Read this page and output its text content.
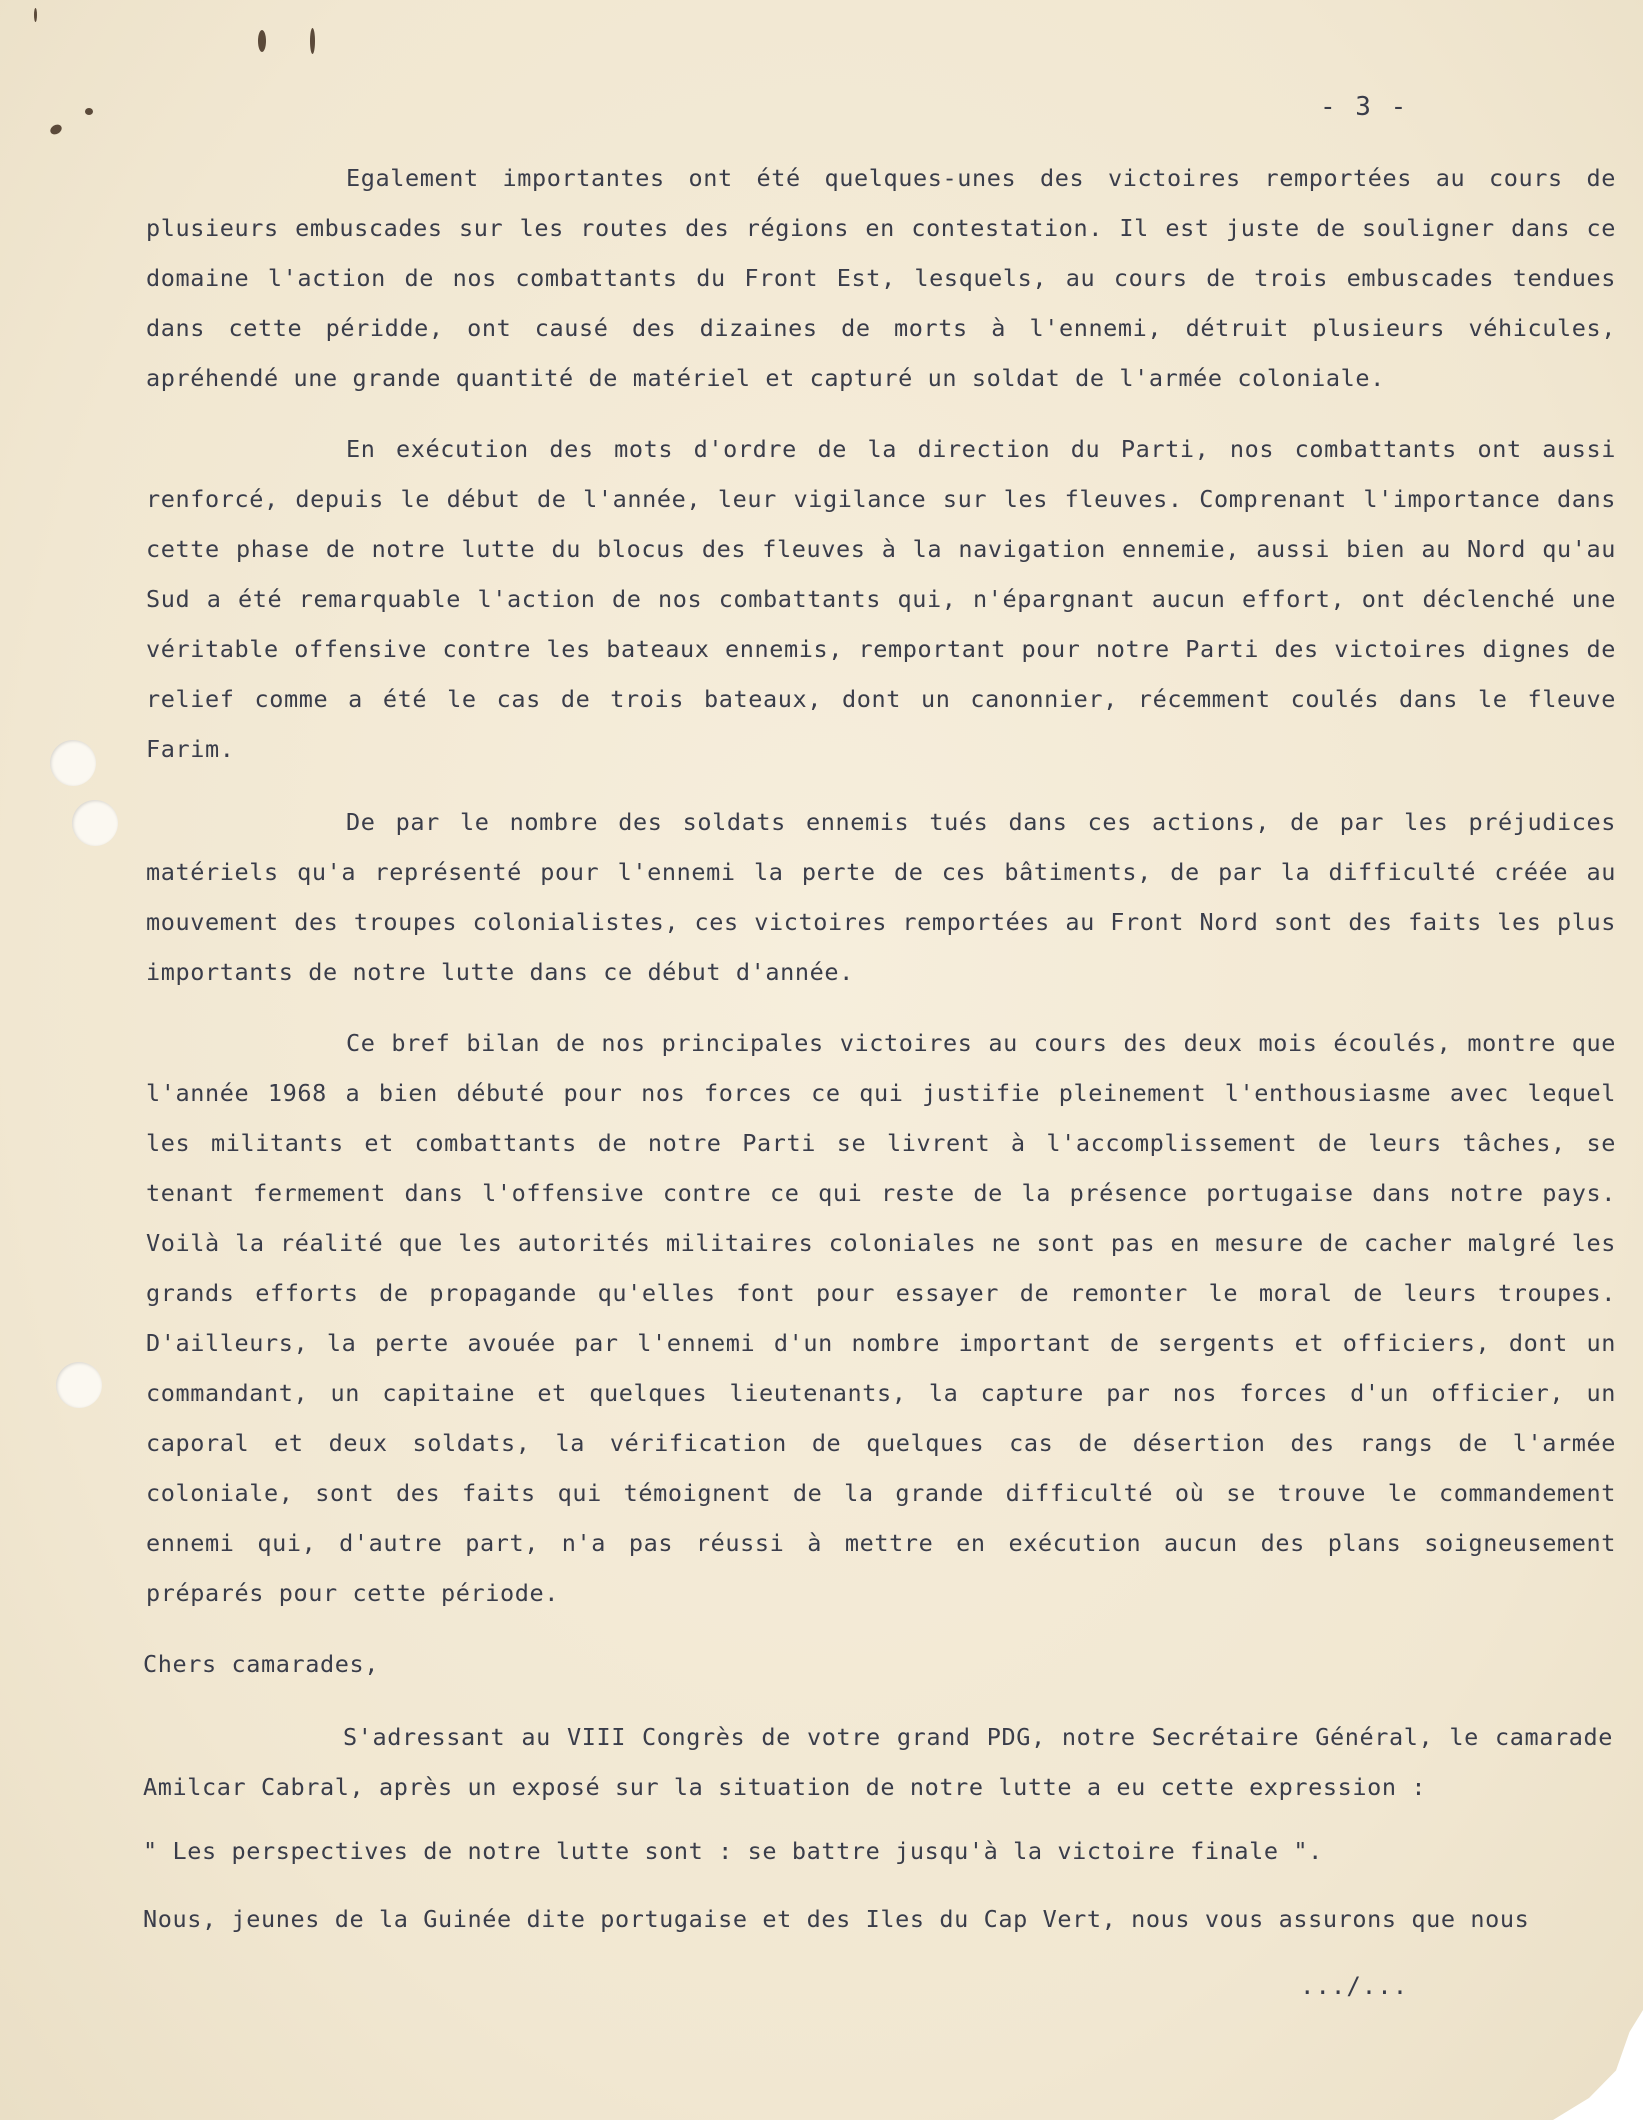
- 3 -

Egalement importantes ont été quelques-unes des victoires remportées au cours de plusieurs embuscades sur les routes des régions en contestation. Il est juste de souligner dans ce domaine l'action de nos combattants du Front Est, lesquels, au cours de trois embuscades tendues dans cette péridde, ont causé des dizaines de morts à l'ennemi, détruit plusieurs véhicules, apréhendé une grande quantité de matériel et capturé un soldat de l'armée coloniale.

En exécution des mots d'ordre de la direction du Parti, nos combattants ont aussi renforcé, depuis le début de l'année, leur vigilance sur les fleuves. Comprenant l'importance dans cette phase de notre lutte du blocus des fleuves à la navigation ennemie, aussi bien au Nord qu'au Sud a été remarquable l'action de nos combattants qui, n'épargnant aucun effort, ont déclenché une véritable offensive contre les bateaux ennemis, remportant pour notre Parti des victoires dignes de relief comme a été le cas de trois bateaux, dont un canonnier, récemment coulés dans le fleuve Farim.

De par le nombre des soldats ennemis tués dans ces actions, de par les préjudices matériels qu'a représenté pour l'ennemi la perte de ces bâtiments, de par la difficulté créée au mouvement des troupes colonialistes, ces victoires remportées au Front Nord sont des faits les plus importants de notre lutte dans ce début d'année.

Ce bref bilan de nos principales victoires au cours des deux mois écoulés, montre que l'année 1968 a bien débuté pour nos forces ce qui justifie pleinement l'enthousiasme avec lequel les militants et combattants de notre Parti se livrent à l'accomplissement de leurs tâches, se tenant fermement dans l'offensive contre ce qui reste de la présence portugaise dans notre pays. Voilà la réalité que les autorités militaires coloniales ne sont pas en mesure de cacher malgré les grands efforts de propagande qu'elles font pour essayer de remonter le moral de leurs troupes. D'ailleurs, la perte avouée par l'ennemi d'un nombre important de sergents et officiers, dont un commandant, un capitaine et quelques lieutenants, la capture par nos forces d'un officier, un caporal et deux soldats, la vérification de quelques cas de désertion des rangs de l'armée coloniale, sont des faits qui témoignent de la grande difficulté où se trouve le commandement ennemi qui, d'autre part, n'a pas réussi à mettre en exécution aucun des plans soigneusement préparés pour cette période.

Chers camarades,

S'adressant au VIII Congrès de votre grand PDG, notre Secrétaire Général, le camarade Amilcar Cabral, après un exposé sur la situation de notre lutte a eu cette expression :

" Les perspectives de notre lutte sont : se battre jusqu'à la victoire finale ".

Nous, jeunes de la Guinée dite portugaise et des Iles du Cap Vert, nous vous assurons que nous

.../...
